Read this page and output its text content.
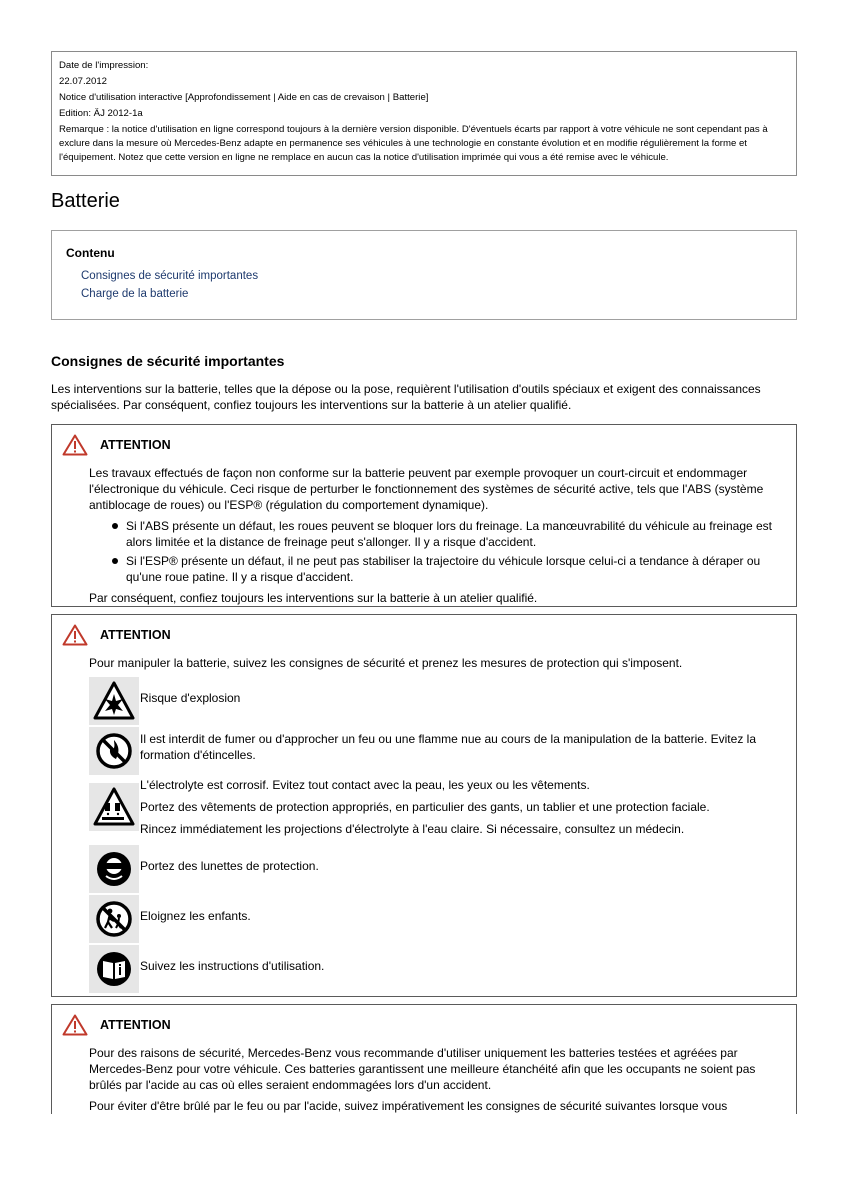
Date de l'impression:

22.07.2012

Notice d'utilisation interactive [Approfondissement | Aide en cas de crevaison | Batterie]

Edition: ÄJ 2012-1a

Remarque : la notice d'utilisation en ligne correspond toujours à la dernière version disponible. D'éventuels écarts par rapport à votre véhicule ne sont cependant pas à exclure dans la mesure où Mercedes-Benz adapte en permanence ses véhicules à une technologie en constante évolution et en modifie régulièrement la forme et l'équipement. Notez que cette version en ligne ne remplace en aucun cas la notice d'utilisation imprimée qui vous a été remise avec le véhicule.

Batterie
Contenu
Consignes de sécurité importantes
Charge de la batterie
Consignes de sécurité importantes

Les interventions sur la batterie, telles que la dépose ou la pose, requièrent l'utilisation d'outils spéciaux et exigent des connaissances spécialisées. Par conséquent, confiez toujours les interventions sur la batterie à un atelier qualifié.

ATTENTION

Les travaux effectués de façon non conforme sur la batterie peuvent par exemple provoquer un court-circuit et endommager l'électronique du véhicule. Ceci risque de perturber le fonctionnement des systèmes de sécurité active, tels que l'ABS (système antiblocage de roues) ou l'ESP® (régulation du comportement dynamique).

Si l'ABS présente un défaut, les roues peuvent se bloquer lors du freinage. La manœuvrabilité du véhicule au freinage est alors limitée et la distance de freinage peut s'allonger. Il y a risque d'accident.
Si l'ESP® présente un défaut, il ne peut pas stabiliser la trajectoire du véhicule lorsque celui-ci a tendance à déraper ou qu'une roue patine. Il y a risque d'accident.

Par conséquent, confiez toujours les interventions sur la batterie à un atelier qualifié.

ATTENTION

Pour manipuler la batterie, suivez les consignes de sécurité et prenez les mesures de protection qui s'imposent.

Risque d'explosion

Il est interdit de fumer ou d'approcher un feu ou une flamme nue au cours de la manipulation de la batterie. Evitez la formation d'étincelles.

L'électrolyte est corrosif. Evitez tout contact avec la peau, les yeux ou les vêtements.

Portez des vêtements de protection appropriés, en particulier des gants, un tablier et une protection faciale.

Rincez immédiatement les projections d'électrolyte à l'eau claire. Si nécessaire, consultez un médecin.

Portez des lunettes de protection.

Eloignez les enfants.

Suivez les instructions d'utilisation.

ATTENTION

Pour des raisons de sécurité, Mercedes-Benz vous recommande d'utiliser uniquement les batteries testées et agréées par Mercedes-Benz pour votre véhicule. Ces batteries garantissent une meilleure étanchéité afin que les occupants ne soient pas brûlés par l'acide au cas où elles seraient endommagées lors d'un accident.

Pour éviter d'être brûlé par le feu ou par l'acide, suivez impérativement les consignes de sécurité suivantes lorsque vous
